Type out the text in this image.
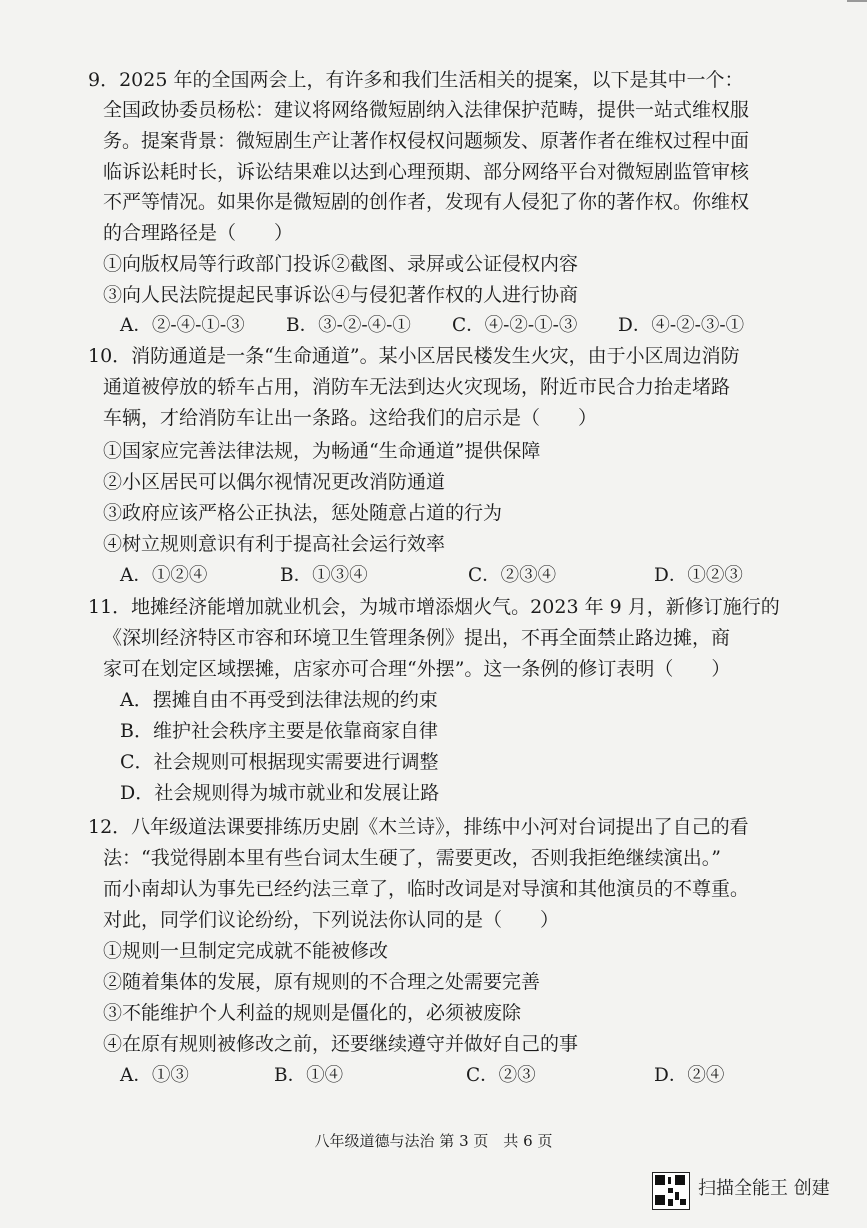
9．2025 年的全国两会上，有许多和我们生活相关的提案，以下是其中一个：
全国政协委员杨松：建议将网络微短剧纳入法律保护范畴，提供一站式维权服
务。提案背景：微短剧生产让著作权侵权问题频发、原著作者在维权过程中面
临诉讼耗时长，诉讼结果难以达到心理预期、部分网络平台对微短剧监管审核
不严等情况。如果你是微短剧的创作者，发现有人侵犯了你的著作权。你维权
的合理路径是（　　）
①向版权局等行政部门投诉②截图、录屏或公证侵权内容
③向人民法院提起民事诉讼④与侵犯著作权的人进行协商
A．②-④-①-③ B．③-②-④-① C．④-②-①-③ D．④-②-③-①
10．消防通道是一条“生命通道”。某小区居民楼发生火灾，由于小区周边消防
通道被停放的轿车占用，消防车无法到达火灾现场，附近市民合力抬走堵路
车辆，才给消防车让出一条路。这给我们的启示是（　　）
①国家应完善法律法规，为畅通“生命通道”提供保障
②小区居民可以偶尔视情况更改消防通道
③政府应该严格公正执法，惩处随意占道的行为
④树立规则意识有利于提高社会运行效率
A．①②④	B．①③④	C．②③④	D．①②③
11．地摊经济能增加就业机会，为城市增添烟火气。2023 年 9 月，新修订施行的
《深圳经济特区市容和环境卫生管理条例》提出，不再全面禁止路边摊，商
家可在划定区域摆摊，店家亦可合理“外摆”。这一条例的修订表明（　　）
A．摆摊自由不再受到法律法规的约束
B．维护社会秩序主要是依靠商家自律
C．社会规则可根据现实需要进行调整
D．社会规则得为城市就业和发展让路
12．八年级道法课要排练历史剧《木兰诗》，排练中小河对台词提出了自己的看
法：“我觉得剧本里有些台词太生硬了，需要更改，否则我拒绝继续演出。”
而小南却认为事先已经约法三章了，临时改词是对导演和其他演员的不尊重。
对此，同学们议论纷纷，下列说法你认同的是（　　）
①规则一旦制定完成就不能被修改
②随着集体的发展，原有规则的不合理之处需要完善
③不能维护个人利益的规则是僵化的，必须被废除
④在原有规则被修改之前，还要继续遵守并做好自己的事
A．①③	B．①④	C．②③	D．②④
八年级道德与法治 第 3 页　共 6 页
扫描全能王 创建
